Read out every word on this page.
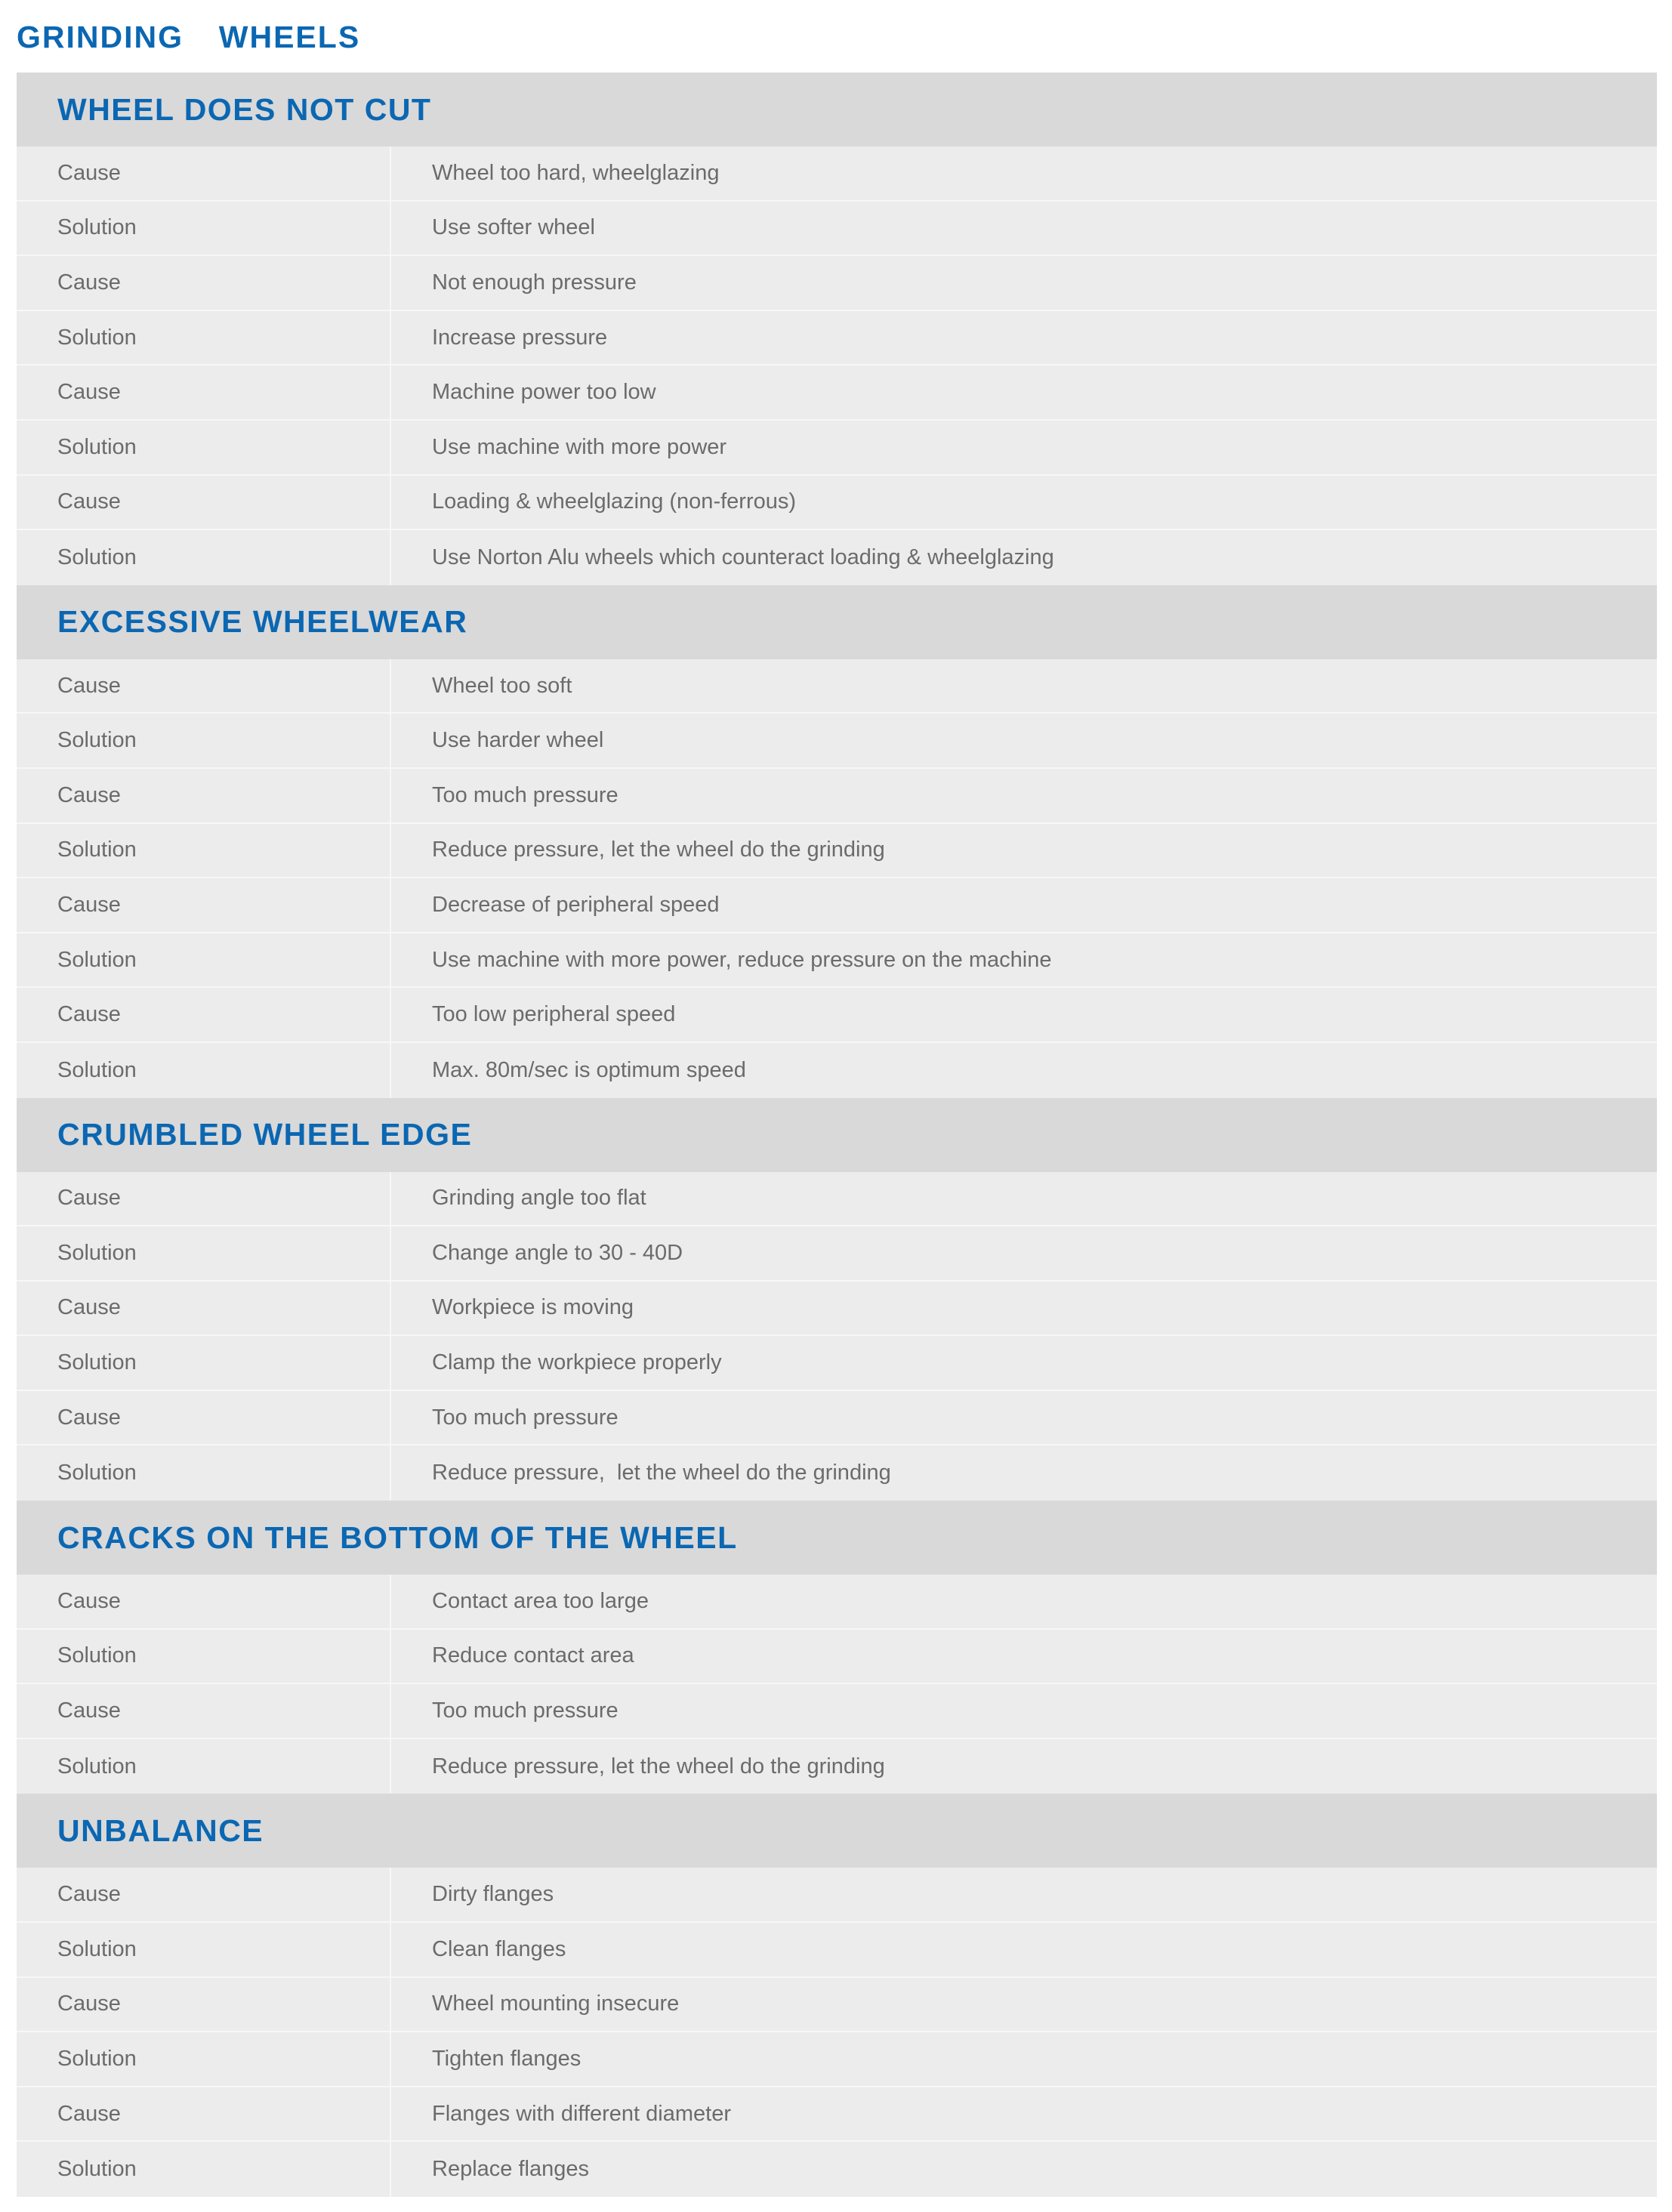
GRINDING  WHEELS
WHEEL DOES NOT CUT
Cause	Wheel too hard, wheelglazing
Solution	Use softer wheel
Cause	Not enough pressure
Solution	Increase pressure
Cause	Machine power too low
Solution	Use machine with more power
Cause	Loading & wheelglazing (non-ferrous)
Solution	Use Norton Alu wheels which counteract loading & wheelglazing
EXCESSIVE WHEELWEAR
Cause	Wheel too soft
Solution	Use harder wheel
Cause	Too much pressure
Solution	Reduce pressure, let the wheel do the grinding
Cause	Decrease of peripheral speed
Solution	Use machine with more power, reduce pressure on the machine
Cause	Too low peripheral speed
Solution	Max. 80m/sec is optimum speed
CRUMBLED WHEEL EDGE
Cause	Grinding angle too flat
Solution	Change angle to 30 - 40D
Cause	Workpiece is moving
Solution	Clamp the workpiece properly
Cause	Too much pressure
Solution	Reduce pressure,  let the wheel do the grinding
CRACKS ON THE BOTTOM OF THE WHEEL
Cause	Contact area too large
Solution	Reduce contact area
Cause	Too much pressure
Solution	Reduce pressure, let the wheel do the grinding
UNBALANCE
Cause	Dirty flanges
Solution	Clean flanges
Cause	Wheel mounting insecure
Solution	Tighten flanges
Cause	Flanges with different diameter
Solution	Replace flanges
